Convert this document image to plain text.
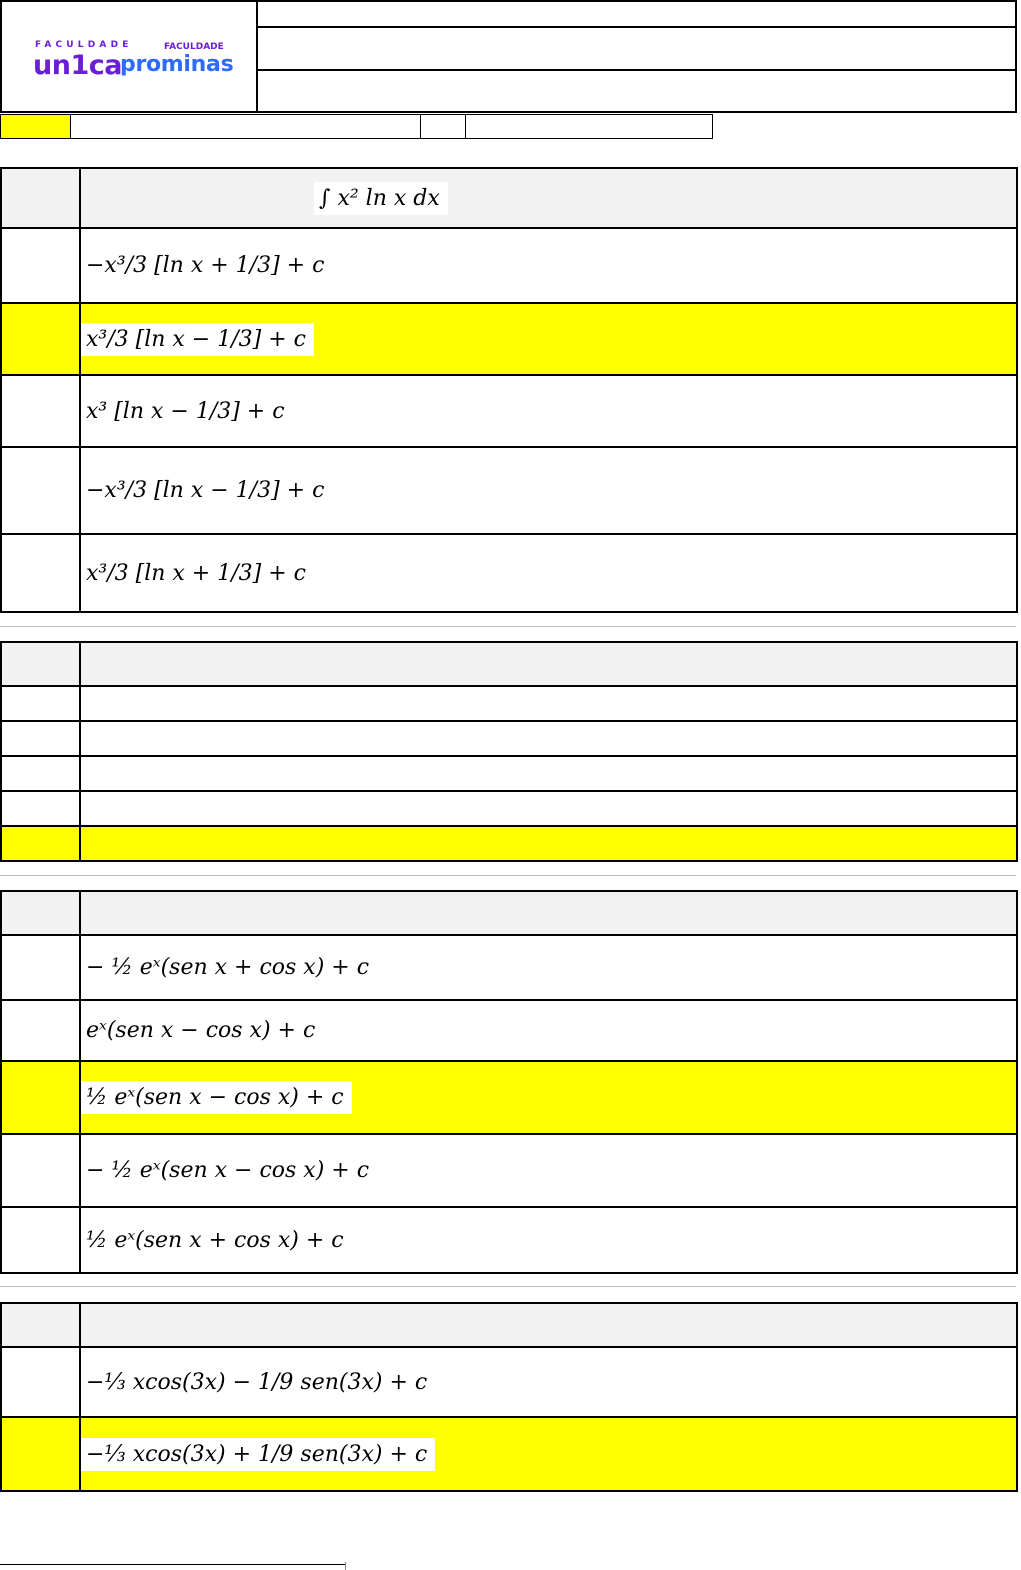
FACULDADE
un1ca
FACULDADE
prominas
	∫ x² ln x dx
	−x³/3 [ln x + 1/3] + c
	x³/3 [ln x − 1/3] + c
	x³ [ln x − 1/3] + c
	−x³/3 [ln x − 1/3] + c
	x³/3 [ln x + 1/3] + c

	− ½ eˣ(sen x + cos x) + c
	eˣ(sen x − cos x) + c
	½ eˣ(sen x − cos x) + c
	− ½ eˣ(sen x − cos x) + c
	½ eˣ(sen x + cos x) + c

	−⅓ xcos(3x) − 1/9 sen(3x) + c
	−⅓ xcos(3x) + 1/9 sen(3x) + c
